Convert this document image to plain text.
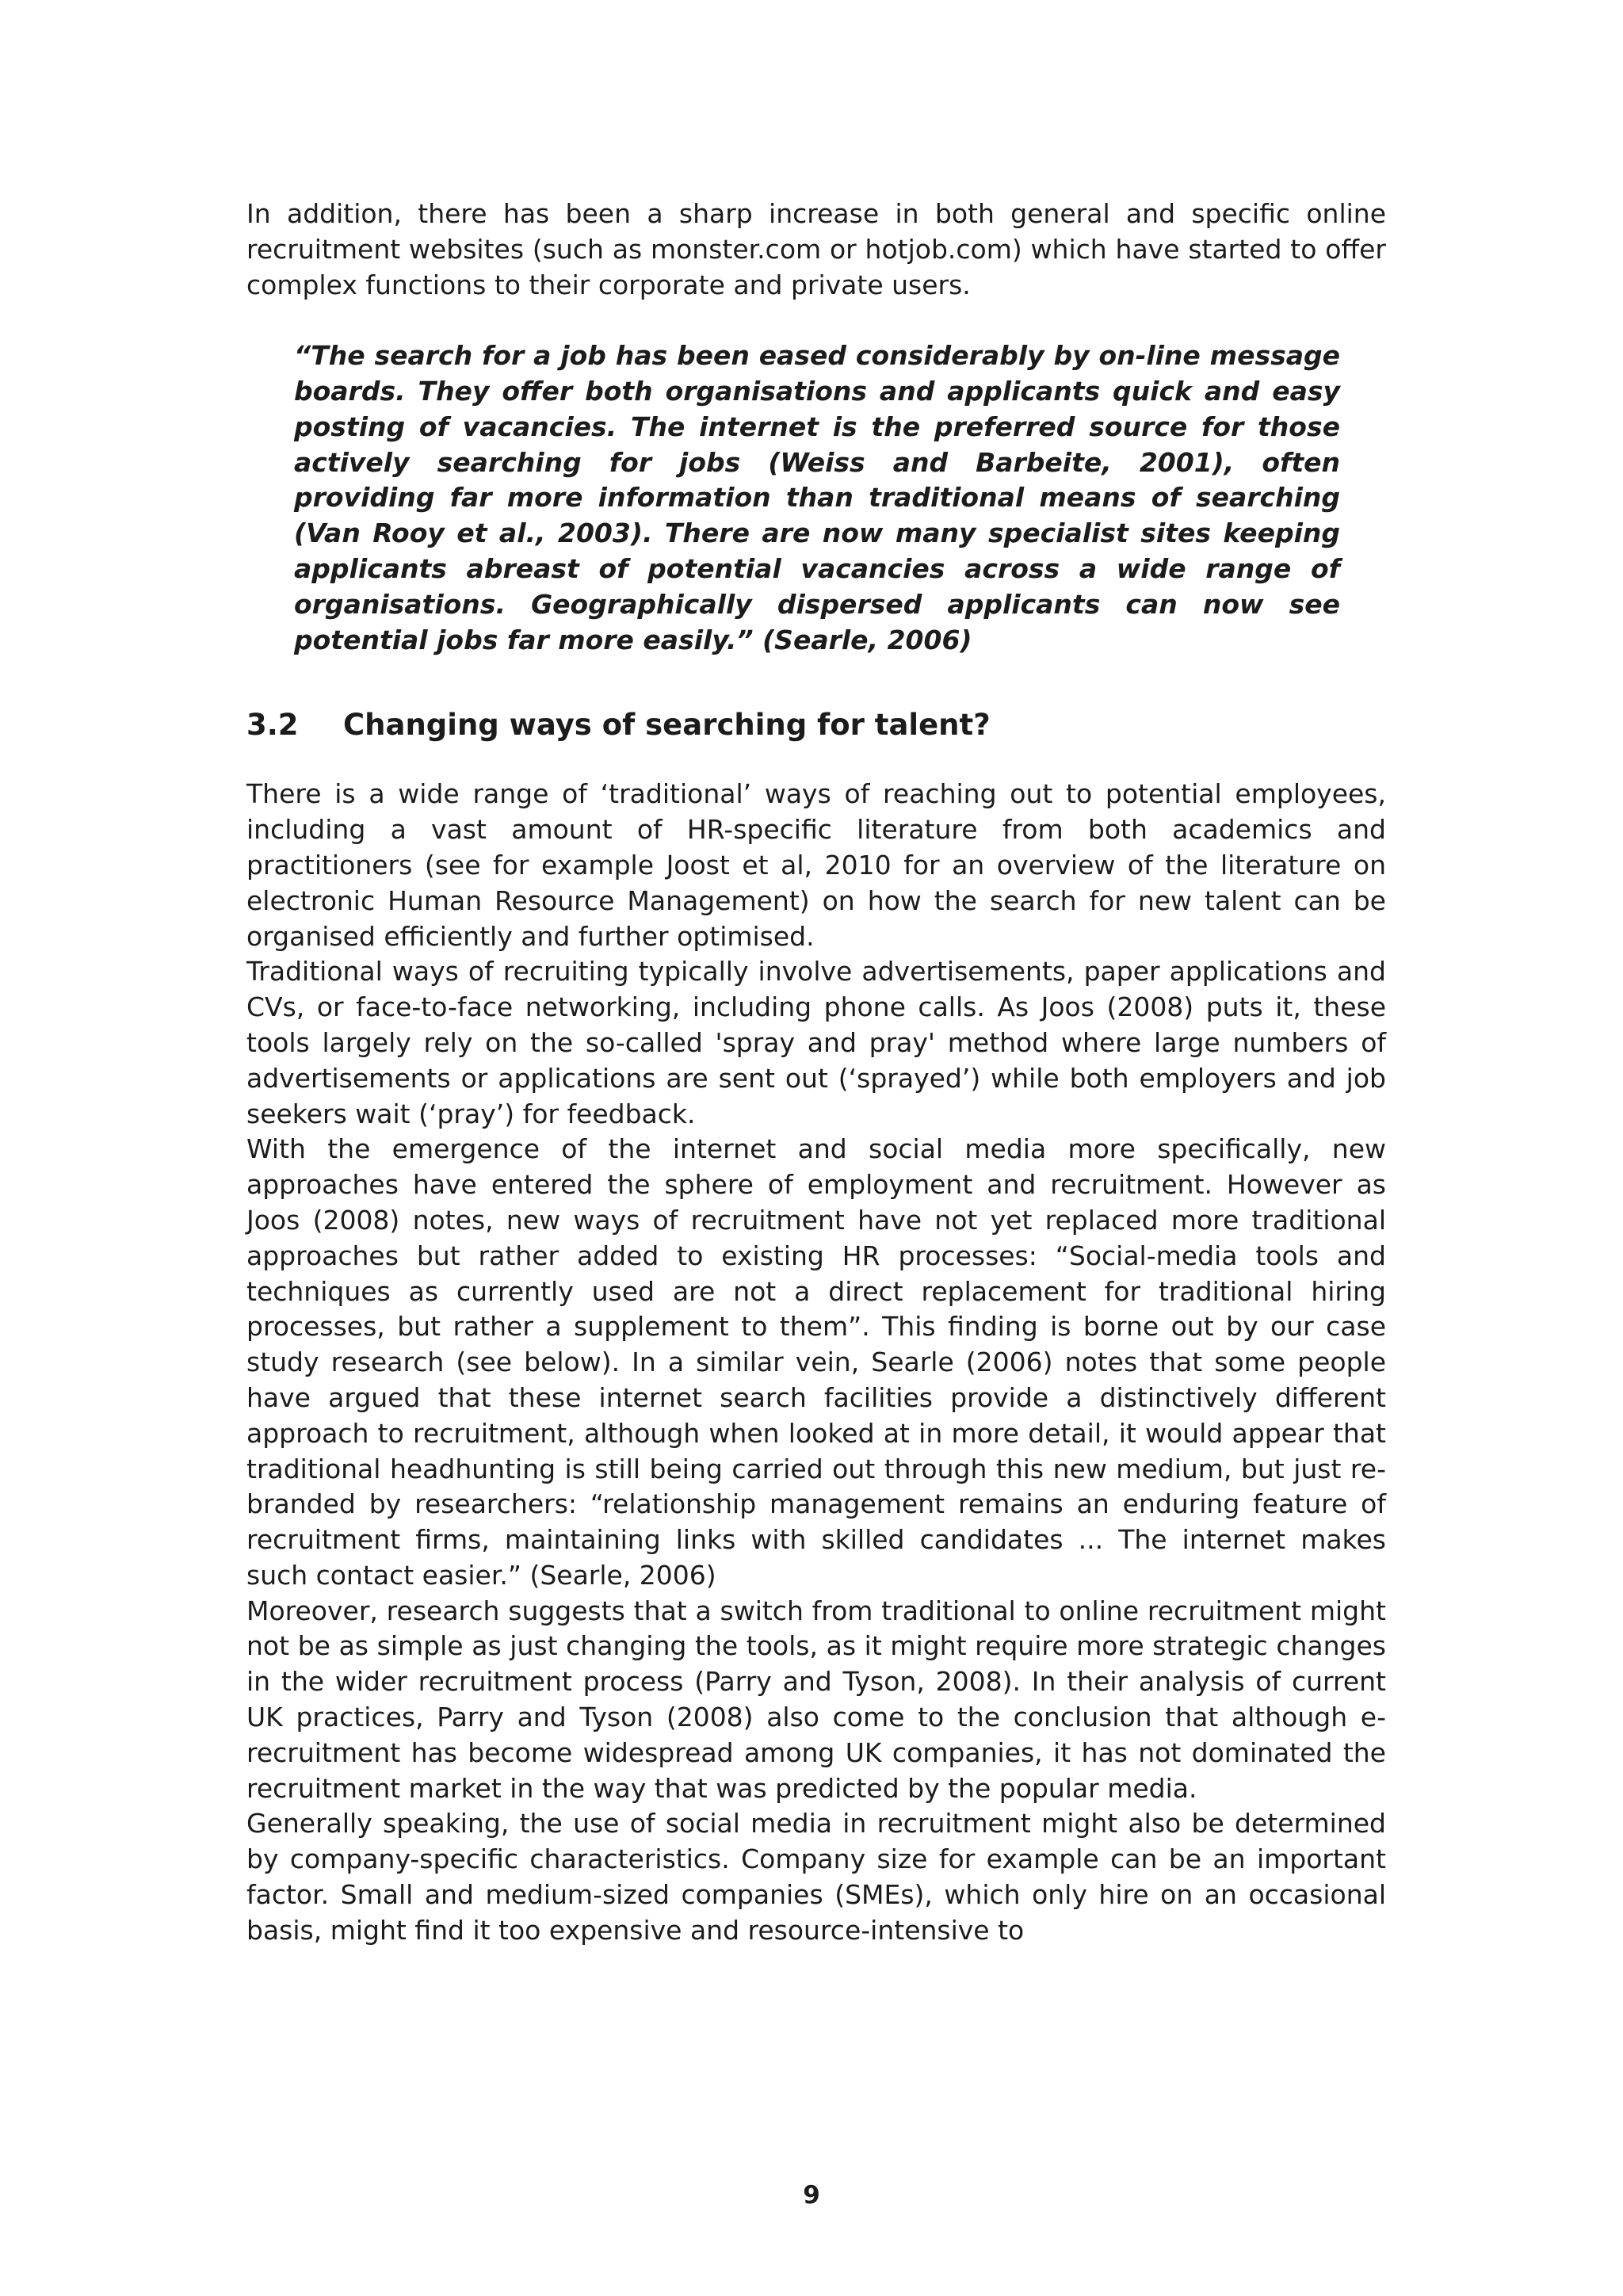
In addition, there has been a sharp increase in both general and specific online recruitment websites (such as monster.com or hotjob.com) which have started to offer complex functions to their corporate and private users.

“The search for a job has been eased considerably by on-line message boards. They offer both organisations and applicants quick and easy posting of vacancies. The internet is the preferred source for those actively searching for jobs (Weiss and Barbeite, 2001), often providing far more information than traditional means of searching (Van Rooy et al., 2003). There are now many specialist sites keeping applicants abreast of potential vacancies across a wide range of organisations. Geographically dispersed applicants can now see potential jobs far more easily.” (Searle, 2006)

3.2 Changing ways of searching for talent?

There is a wide range of ‘traditional’ ways of reaching out to potential employees, including a vast amount of HR-specific literature from both academics and practitioners (see for example Joost et al, 2010 for an overview of the literature on electronic Human Resource Management) on how the search for new talent can be organised efficiently and further optimised.

Traditional ways of recruiting typically involve advertisements, paper applications and CVs, or face-to-face networking, including phone calls. As Joos (2008) puts it, these tools largely rely on the so-called 'spray and pray' method where large numbers of advertisements or applications are sent out (‘sprayed’) while both employers and job seekers wait (‘pray’) for feedback.

With the emergence of the internet and social media more specifically, new approaches have entered the sphere of employment and recruitment. However as Joos (2008) notes, new ways of recruitment have not yet replaced more traditional approaches but rather added to existing HR processes: “Social-media tools and techniques as currently used are not a direct replacement for traditional hiring processes, but rather a supplement to them”. This finding is borne out by our case study research (see below). In a similar vein, Searle (2006) notes that some people have argued that these internet search facilities provide a distinctively different approach to recruitment, although when looked at in more detail, it would appear that traditional headhunting is still being carried out through this new medium, but just re-branded by researchers: “relationship management remains an enduring feature of recruitment firms, maintaining links with skilled candidates ... The internet makes such contact easier.” (Searle, 2006)

Moreover, research suggests that a switch from traditional to online recruitment might not be as simple as just changing the tools, as it might require more strategic changes in the wider recruitment process (Parry and Tyson, 2008). In their analysis of current UK practices, Parry and Tyson (2008) also come to the conclusion that although e-recruitment has become widespread among UK companies, it has not dominated the recruitment market in the way that was predicted by the popular media.

Generally speaking, the use of social media in recruitment might also be determined by company-specific characteristics. Company size for example can be an important factor. Small and medium-sized companies (SMEs), which only hire on an occasional basis, might find it too expensive and resource-intensive to

9
